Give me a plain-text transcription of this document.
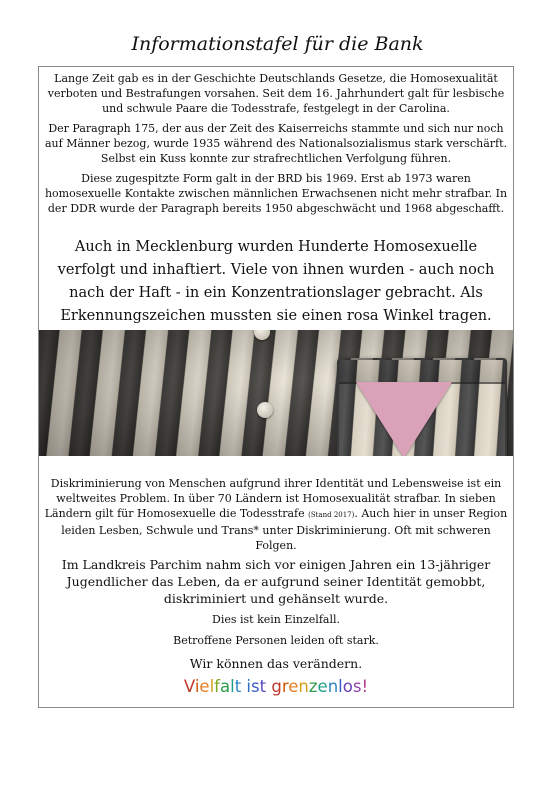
Informationstafel für die Bank

Lange Zeit gab es in der Geschichte Deutschlands Gesetze, die Homosexualität verboten und Bestrafungen vorsahen. Seit dem 16. Jahrhundert galt für lesbische und schwule Paare die Todesstrafe, festgelegt in der Carolina.

Der Paragraph 175, der aus der Zeit des Kaiserreichs stammte und sich nur noch auf Männer bezog, wurde 1935 während des Nationalsozialismus stark verschärft. Selbst ein Kuss konnte zur strafrechtlichen Verfolgung führen.

Diese zugespitzte Form galt in der BRD bis 1969. Erst ab 1973 waren homosexuelle Kontakte zwischen männlichen Erwachsenen nicht mehr strafbar. In der DDR wurde der Paragraph bereits 1950 abgeschwächt und 1968 abgeschafft.

Auch in Mecklenburg wurden Hunderte Homosexuelle verfolgt und inhaftiert. Viele von ihnen wurden - auch noch nach der Haft - in ein Konzentrationslager gebracht. Als Erkennungszeichen mussten sie einen rosa Winkel tragen.

Diskriminierung von Menschen aufgrund ihrer Identität und Lebensweise ist ein weltweites Problem. In über 70 Ländern ist Homosexualität strafbar. In sieben Ländern gilt für Homosexuelle die Todesstrafe (Stand 2017). Auch hier in unser Region leiden Lesben, Schwule und Trans* unter Diskriminierung. Oft mit schweren Folgen.

Im Landkreis Parchim nahm sich vor einigen Jahren ein 13-jähriger Jugendlicher das Leben, da er aufgrund seiner Identität gemobbt, diskriminiert und gehänselt wurde.

Dies ist kein Einzelfall.

Betroffene Personen leiden oft stark.

Wir können das verändern.

Vielfalt ist grenzenlos!
